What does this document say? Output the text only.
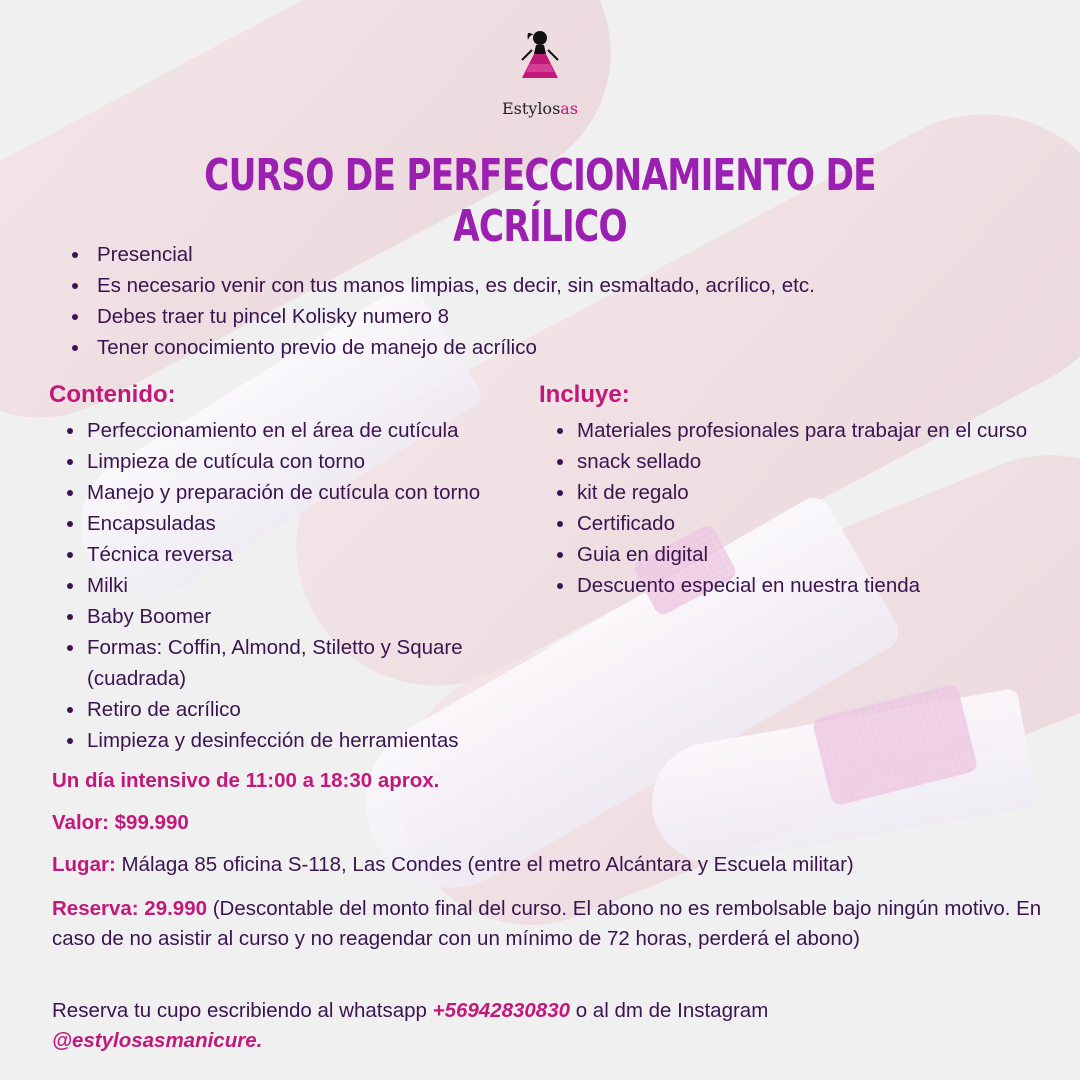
Estylosas
CURSO DE PERFECCIONAMIENTO DE ACRÍLICO
Presencial
Es necesario venir con tus manos limpias, es decir, sin esmaltado, acrílico, etc.
Debes traer tu pincel Kolisky numero 8
Tener conocimiento previo de manejo de acrílico
Contenido:
Perfeccionamiento en el área de cutícula
Limpieza de cutícula con torno
Manejo y preparación de cutícula con torno
Encapsuladas
Técnica reversa
Milki
Baby Boomer
Formas: Coffin, Almond, Stiletto y Square (cuadrada)
Retiro de acrílico
Limpieza y desinfección de herramientas
Incluye:
Materiales profesionales para trabajar en el curso
snack sellado
kit de regalo
Certificado
Guia en digital
Descuento especial en nuestra tienda

Un día intensivo de 11:00 a 18:30 aprox.

Valor: $99.990

Lugar: Málaga 85 oficina S-118, Las Condes (entre el metro Alcántara y Escuela militar)

Reserva: 29.990 (Descontable del monto final del curso. El abono no es rembolsable bajo ningún motivo. En caso de no asistir al curso y no reagendar con un mínimo de 72 horas, perderá el abono)

Reserva tu cupo escribiendo al whatsapp +56942830830 o al dm de Instagram
@estylosasmanicure.
